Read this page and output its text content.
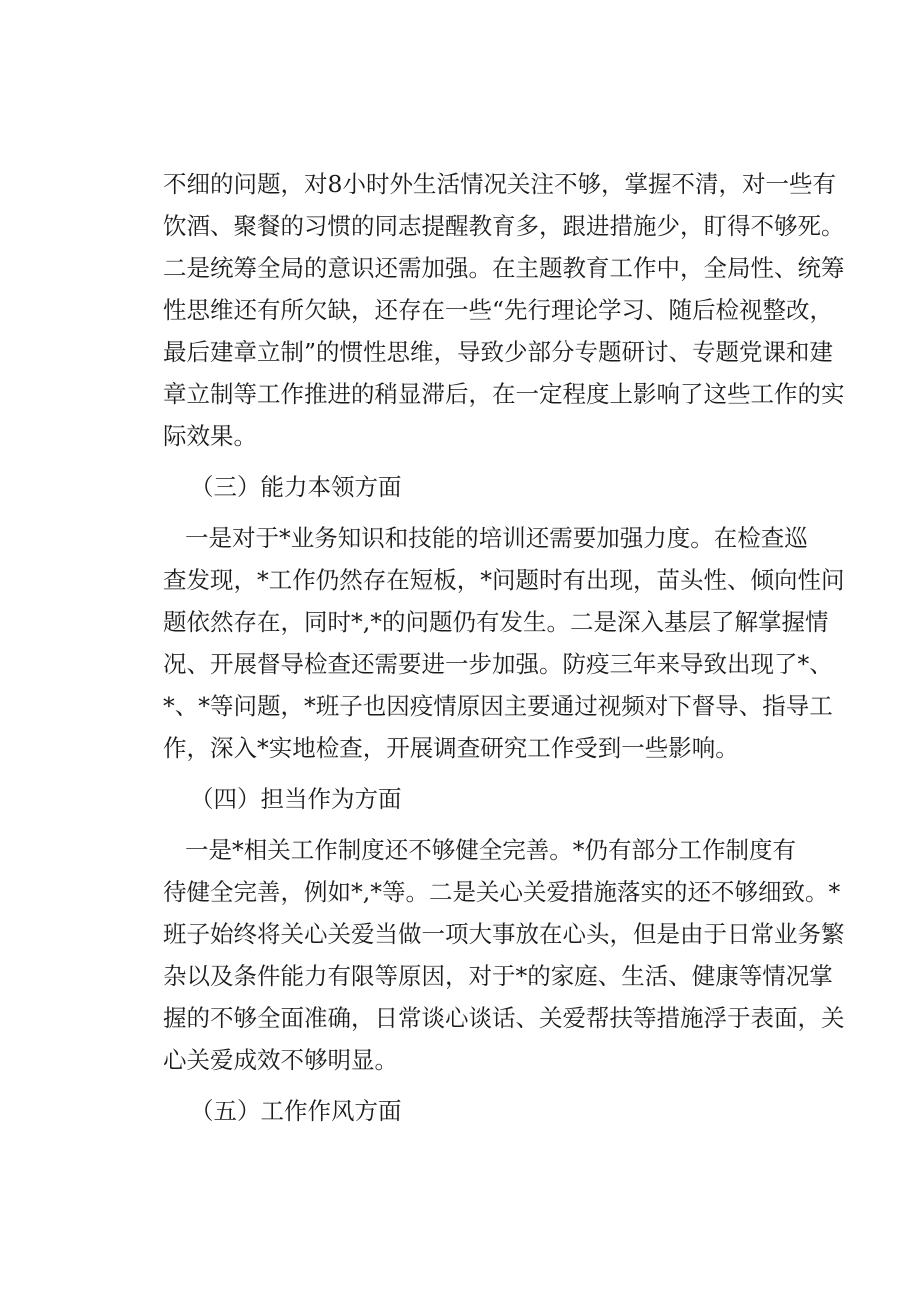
不细的问题，对8小时外生活情况关注不够，掌握不清，对一些有
饮酒、聚餐的习惯的同志提醒教育多，跟进措施少，盯得不够死。
二是统筹全局的意识还需加强。在主题教育工作中，全局性、统筹
性思维还有所欠缺，还存在一些“先行理论学习、随后检视整改，
最后建章立制”的惯性思维，导致少部分专题研讨、专题党课和建
章立制等工作推进的稍显滞后，在一定程度上影响了这些工作的实
际效果。
（三）能力本领方面
一是对于*业务知识和技能的培训还需要加强力度。在检查巡
查发现，*工作仍然存在短板，*问题时有出现，苗头性、倾向性问
题依然存在，同时*,*的问题仍有发生。二是深入基层了解掌握情
况、开展督导检查还需要进一步加强。防疫三年来导致出现了*、
*、*等问题，*班子也因疫情原因主要通过视频对下督导、指导工
作，深入*实地检查，开展调查研究工作受到一些影响。
（四）担当作为方面
一是*相关工作制度还不够健全完善。*仍有部分工作制度有
待健全完善，例如*,*等。二是关心关爱措施落实的还不够细致。*
班子始终将关心关爱当做一项大事放在心头，但是由于日常业务繁
杂以及条件能力有限等原因，对于*的家庭、生活、健康等情况掌
握的不够全面准确，日常谈心谈话、关爱帮扶等措施浮于表面，关
心关爱成效不够明显。
（五）工作作风方面
